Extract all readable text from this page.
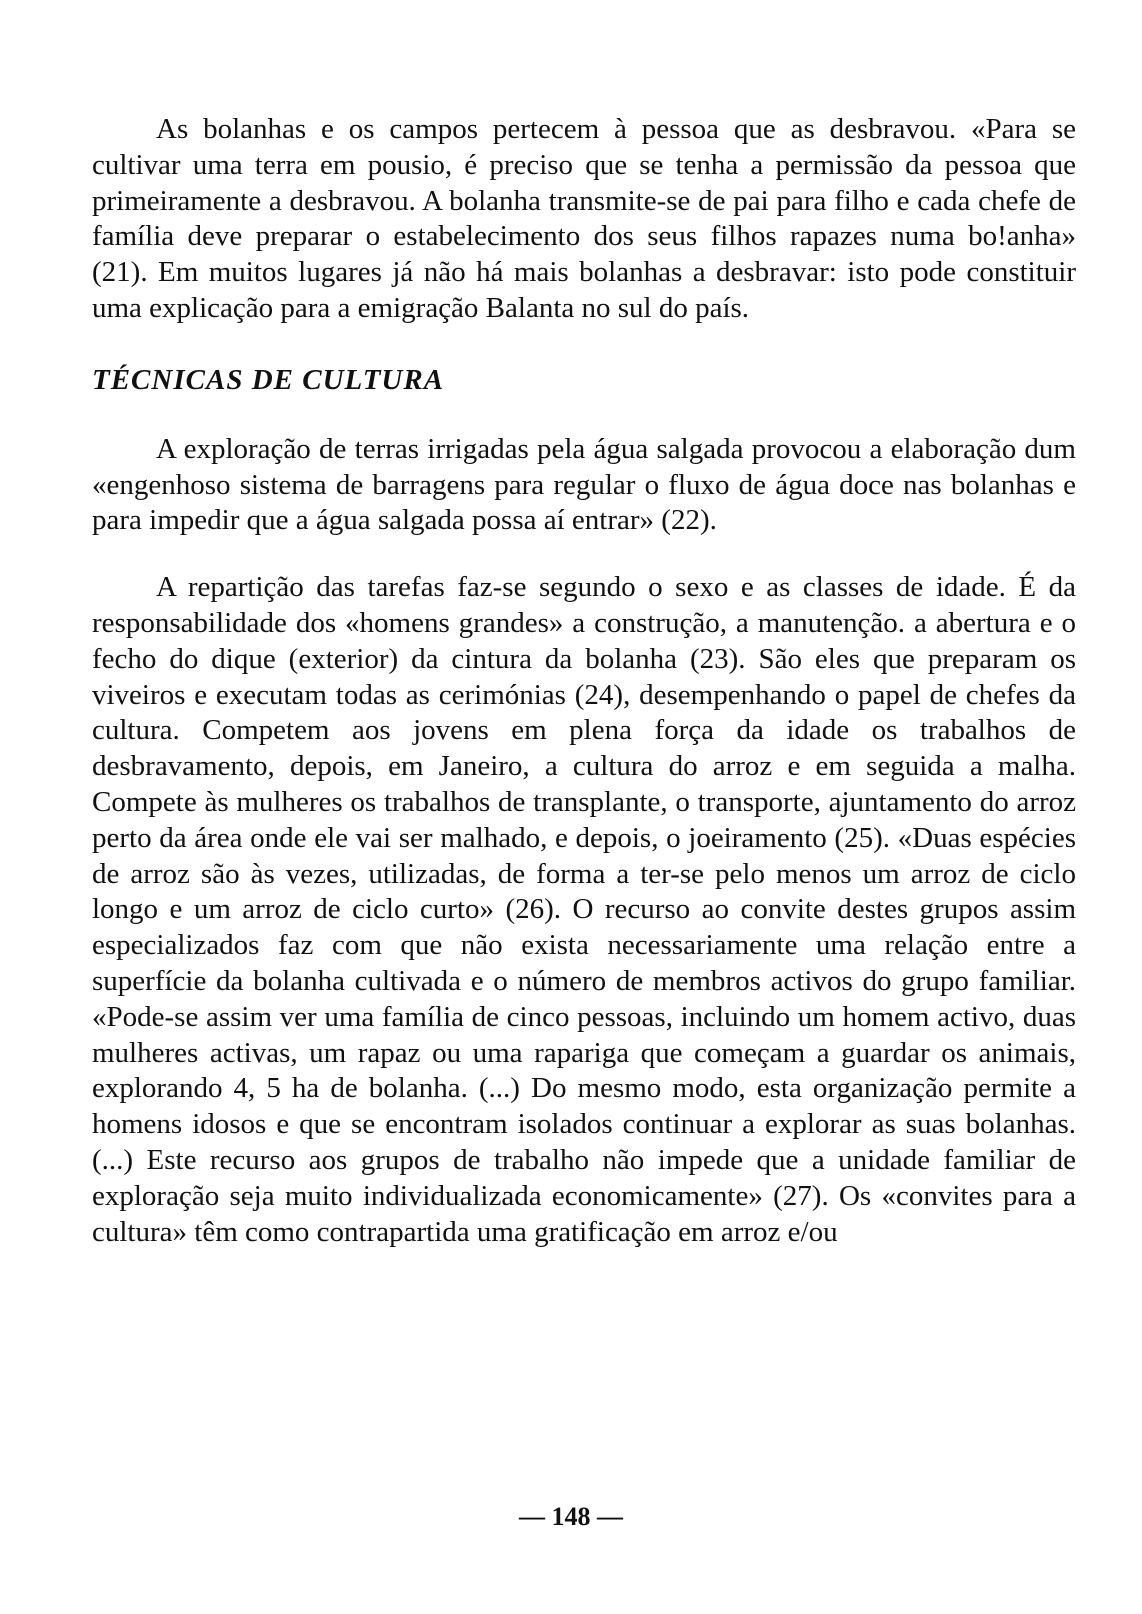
As bolanhas e os campos pertecem à pessoa que as desbravou. «Para se cultivar uma terra em pousio, é preciso que se tenha a permissão da pessoa que primeiramente a desbravou. A bolanha transmite-se de pai para filho e cada chefe de família deve preparar o estabelecimento dos seus filhos rapazes numa bo!anha» (21). Em muitos lugares já não há mais bolanhas a desbravar: isto pode constituir uma explicação para a emigração Balanta no sul do país.

TÉCNICAS DE CULTURA

A exploração de terras irrigadas pela água salgada provocou a elaboração dum «engenhoso sistema de barragens para regular o fluxo de água doce nas bolanhas e para impedir que a água salgada possa aí entrar» (22).

A repartição das tarefas faz-se segundo o sexo e as classes de idade. É da responsabilidade dos «homens grandes» a construção, a manutenção. a abertura e o fecho do dique (exterior) da cintura da bolanha (23). São eles que preparam os viveiros e executam todas as cerimónias (24), desempenhando o papel de chefes da cultura. Competem aos jovens em plena força da idade os trabalhos de desbravamento, depois, em Janeiro, a cultura do arroz e em seguida a malha. Compete às mulheres os trabalhos de transplante, o transporte, ajuntamento do arroz perto da área onde ele vai ser malhado, e depois, o joeiramento (25). «Duas espécies de arroz são às vezes, utilizadas, de forma a ter-se pelo menos um arroz de ciclo longo e um arroz de ciclo curto» (26). O recurso ao convite destes grupos assim especializados faz com que não exista necessariamente uma relação entre a superfície da bolanha cultivada e o número de membros activos do grupo familiar. «Pode-se assim ver uma família de cinco pessoas, incluindo um homem activo, duas mulheres activas, um rapaz ou uma rapariga que começam a guardar os animais, explorando 4, 5 ha de bolanha. (...) Do mesmo modo, esta organização permite a homens idosos e que se encontram isolados continuar a explorar as suas bolanhas. (...) Este recurso aos grupos de trabalho não impede que a unidade familiar de exploração seja muito individualizada economicamente» (27). Os «convites para a cultura» têm como contrapartida uma gratificação em arroz e/ou

— 148 —
